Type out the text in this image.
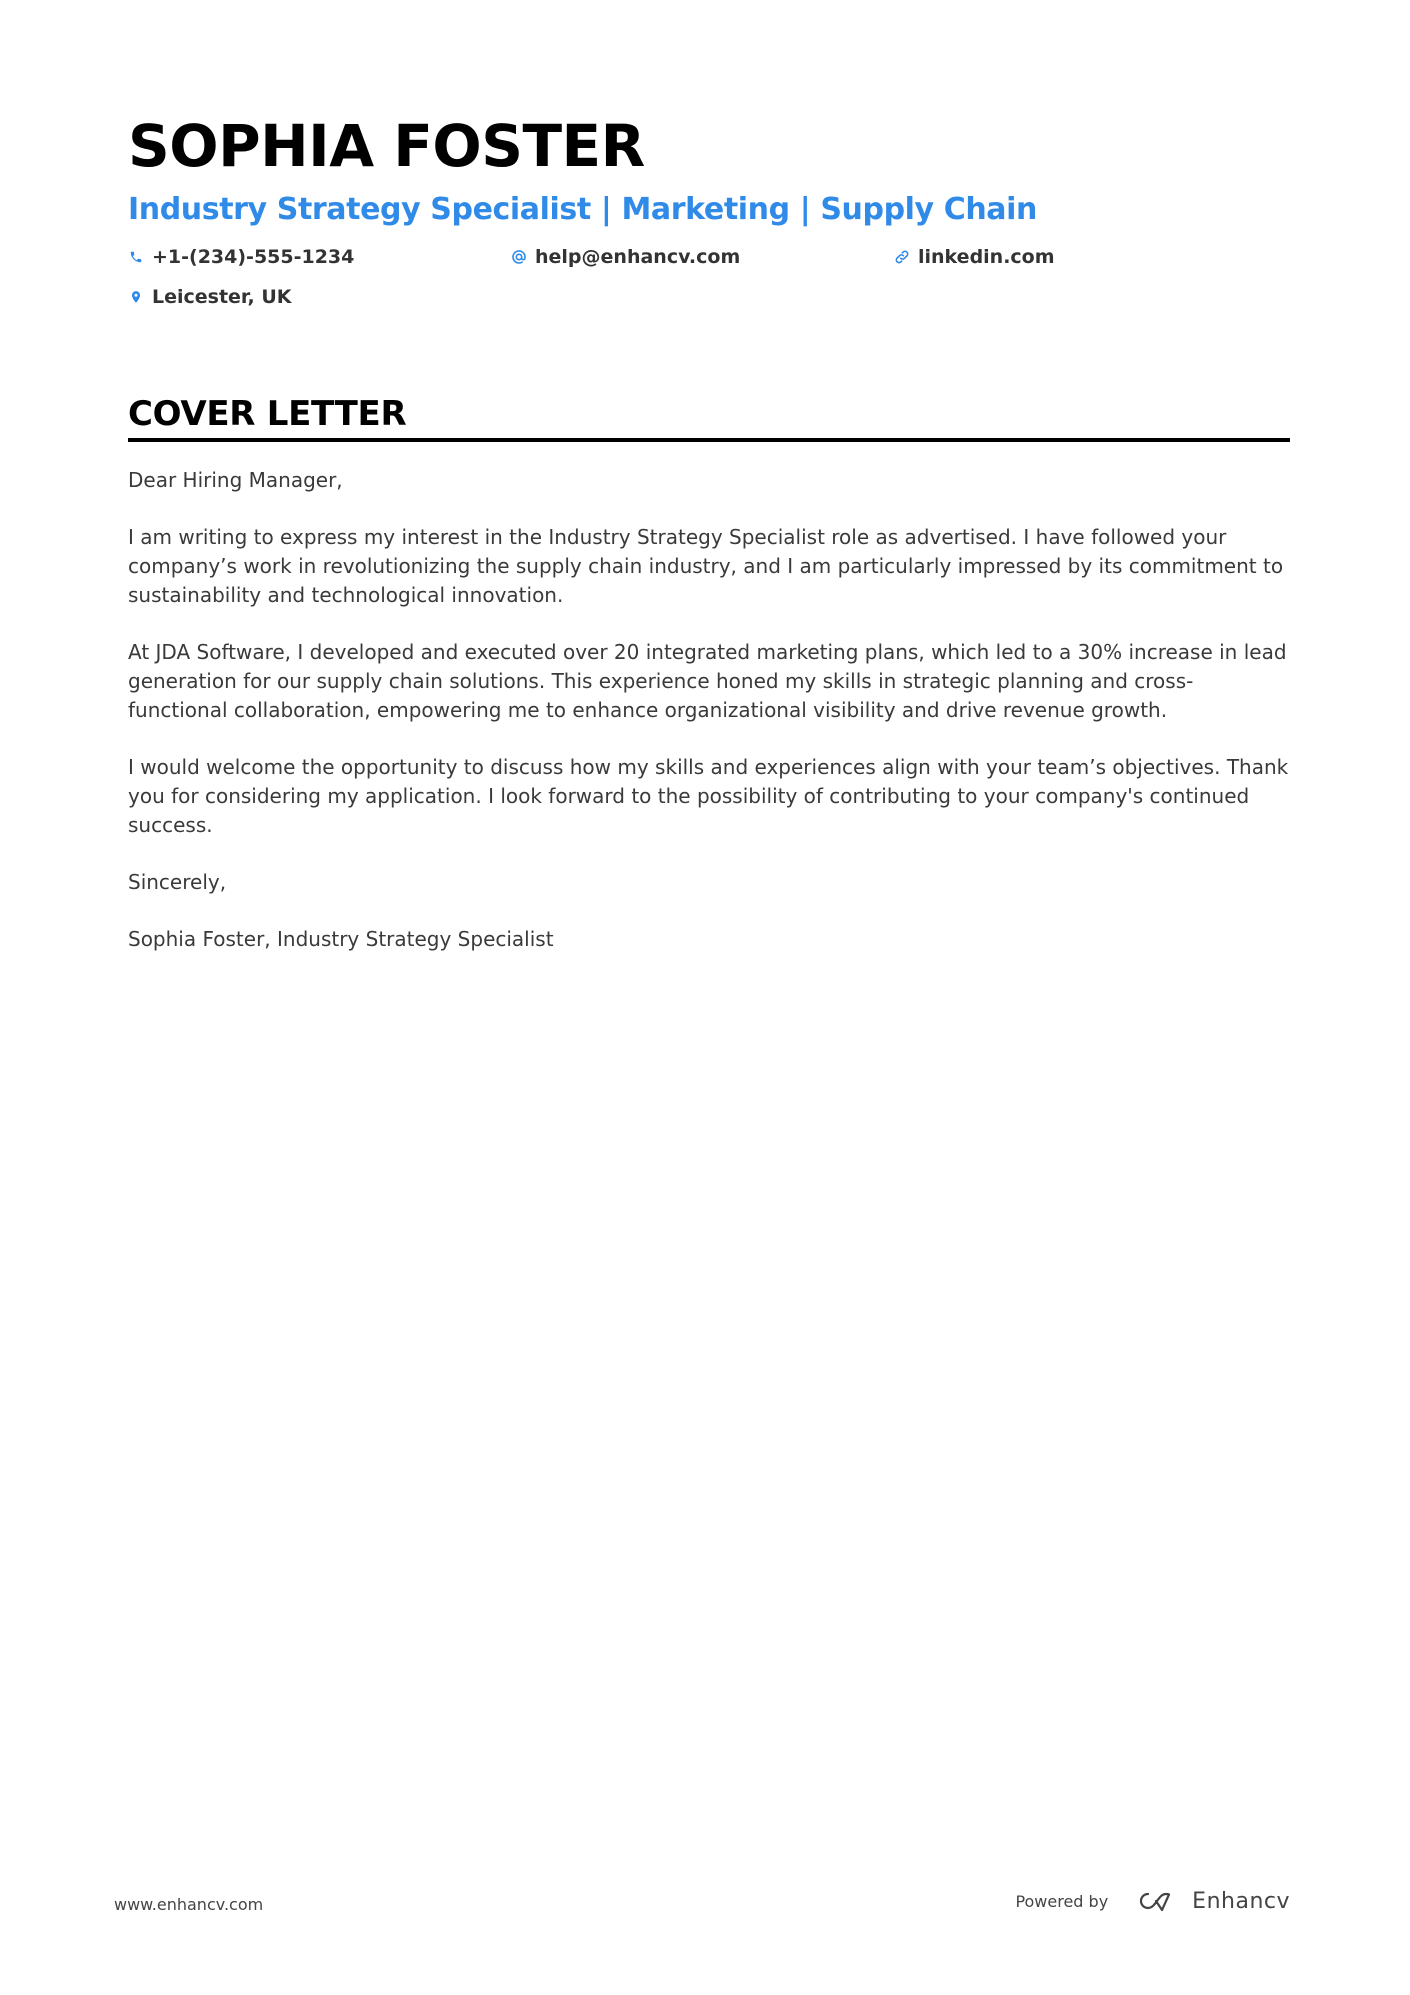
SOPHIA FOSTER
Industry Strategy Specialist | Marketing | Supply Chain
+1-(234)-555-1234	help@enhancv.com	linkedin.com
Leicester, UK
COVER LETTER

Dear Hiring Manager,

I am writing to express my interest in the Industry Strategy Specialist role as advertised. I have followed your company’s work in revolutionizing the supply chain industry, and I am particularly impressed by its commitment to sustainability and technological innovation.

At JDA Software, I developed and executed over 20 integrated marketing plans, which led to a 30% increase in lead generation for our supply chain solutions. This experience honed my skills in strategic planning and cross-functional collaboration, empowering me to enhance organizational visibility and drive revenue growth.

I would welcome the opportunity to discuss how my skills and experiences align with your team’s objectives. Thank you for considering my application. I look forward to the possibility of contributing to your company's continued success.

Sincerely,

Sophia Foster, Industry Strategy Specialist

www.enhancv.com	Powered by	Enhancv
